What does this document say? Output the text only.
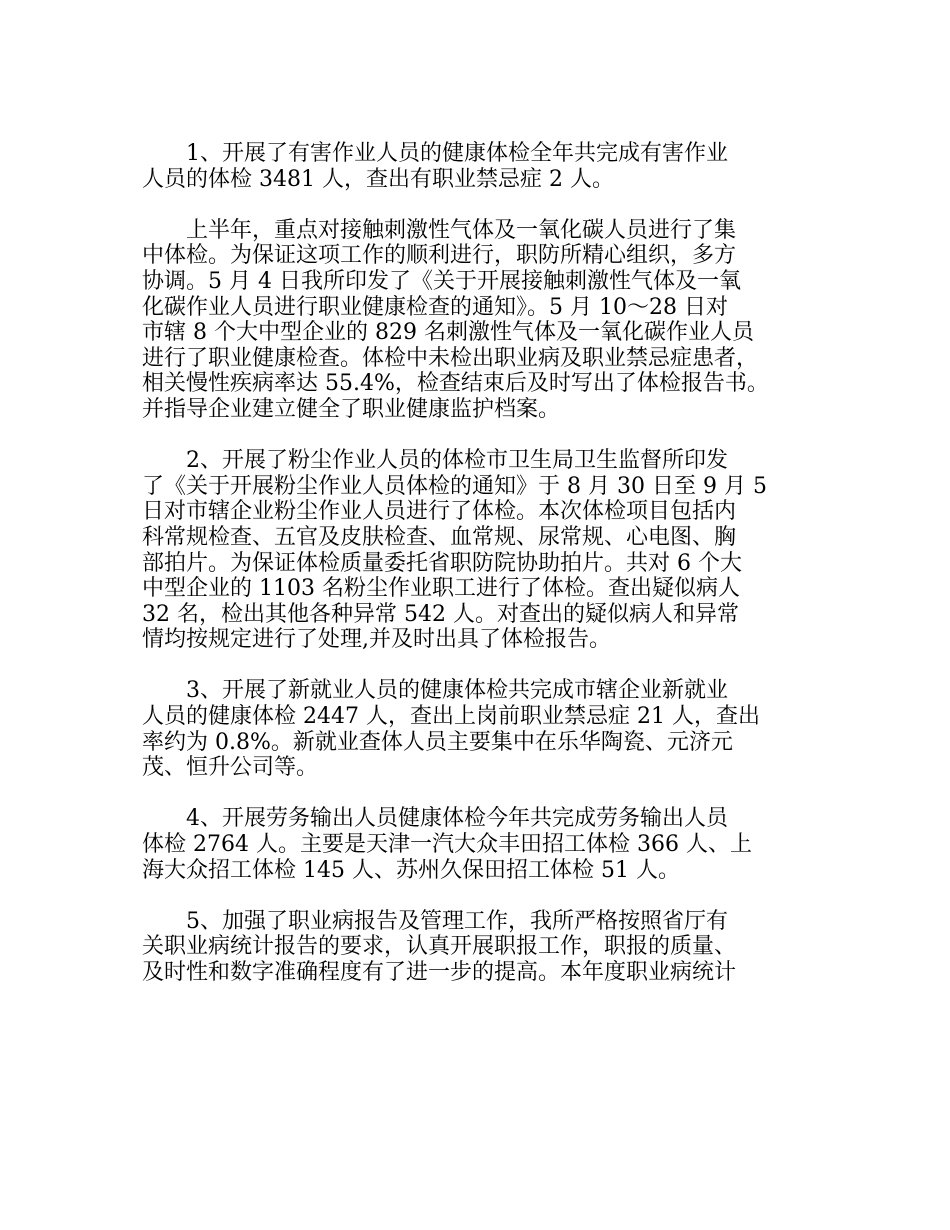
1、开展了有害作业人员的健康体检全年共完成有害作业
人员的体检 3481 人，查出有职业禁忌症 2 人。

上半年，重点对接触刺激性气体及一氧化碳人员进行了集
中体检。为保证这项工作的顺利进行，职防所精心组织，多方
协调。5 月 4 日我所印发了《关于开展接触刺激性气体及一氧
化碳作业人员进行职业健康检查的通知》。5 月 10～28 日对
市辖 8 个大中型企业的 829 名刺激性气体及一氧化碳作业人员
进行了职业健康检查。体检中未检出职业病及职业禁忌症患者，
相关慢性疾病率达 55.4%，检查结束后及时写出了体检报告书。
并指导企业建立健全了职业健康监护档案。

2、开展了粉尘作业人员的体检市卫生局卫生监督所印发
了《关于开展粉尘作业人员体检的通知》于 8 月 30 日至 9 月 5
日对市辖企业粉尘作业人员进行了体检。本次体检项目包括内
科常规检查、五官及皮肤检查、血常规、尿常规、心电图、胸
部拍片。为保证体检质量委托省职防院协助拍片。共对 6 个大
中型企业的 1103 名粉尘作业职工进行了体检。查出疑似病人
32 名，检出其他各种异常 542 人。对查出的疑似病人和异常
情均按规定进行了处理,并及时出具了体检报告。

3、开展了新就业人员的健康体检共完成市辖企业新就业
人员的健康体检 2447 人，查出上岗前职业禁忌症 21 人，查出
率约为 0.8%。新就业查体人员主要集中在乐华陶瓷、元济元
茂、恒升公司等。

4、开展劳务输出人员健康体检今年共完成劳务输出人员
体检 2764 人。主要是天津一汽大众丰田招工体检 366 人、上
海大众招工体检 145 人、苏州久保田招工体检 51 人。

5、加强了职业病报告及管理工作，我所严格按照省厅有
关职业病统计报告的要求，认真开展职报工作，职报的质量、
及时性和数字准确程度有了进一步的提高。本年度职业病统计
